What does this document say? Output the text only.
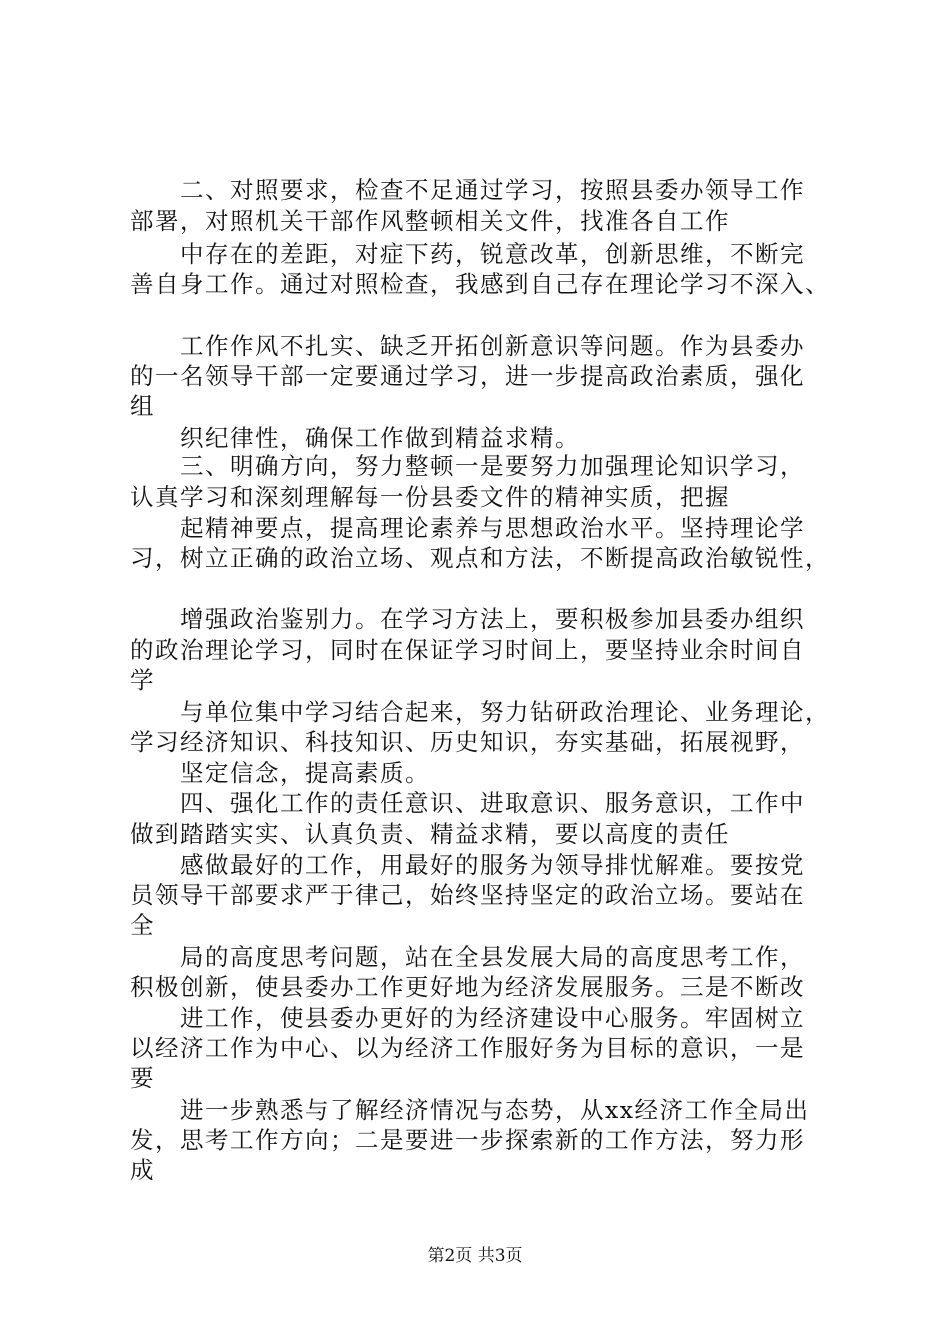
二、对照要求，检查不足通过学习，按照县委办领导工作
部署，对照机关干部作风整顿相关文件，找准各自工作
中存在的差距，对症下药，锐意改革，创新思维，不断完
善自身工作。通过对照检查，我感到自己存在理论学习不深入、
工作作风不扎实、缺乏开拓创新意识等问题。作为县委办
的一名领导干部一定要通过学习，进一步提高政治素质，强化
组
织纪律性，确保工作做到精益求精。
三、明确方向，努力整顿一是要努力加强理论知识学习，
认真学习和深刻理解每一份县委文件的精神实质，把握
起精神要点，提高理论素养与思想政治水平。坚持理论学
习，树立正确的政治立场、观点和方法，不断提高政治敏锐性，
增强政治鉴别力。在学习方法上，要积极参加县委办组织
的政治理论学习，同时在保证学习时间上，要坚持业余时间自
学
与单位集中学习结合起来，努力钻研政治理论、业务理论，
学习经济知识、科技知识、历史知识，夯实基础，拓展视野，
坚定信念，提高素质。
四、强化工作的责任意识、进取意识、服务意识，工作中
做到踏踏实实、认真负责、精益求精，要以高度的责任
感做最好的工作，用最好的服务为领导排忧解难。要按党
员领导干部要求严于律己，始终坚持坚定的政治立场。要站在
全
局的高度思考问题，站在全县发展大局的高度思考工作，
积极创新，使县委办工作更好地为经济发展服务。三是不断改
进工作，使县委办更好的为经济建设中心服务。牢固树立
以经济工作为中心、以为经济工作服好务为目标的意识，一是
要
进一步熟悉与了解经济情况与态势，从xx经济工作全局出
发，思考工作方向；二是要进一步探索新的工作方法，努力形
成
第2页 共3页
